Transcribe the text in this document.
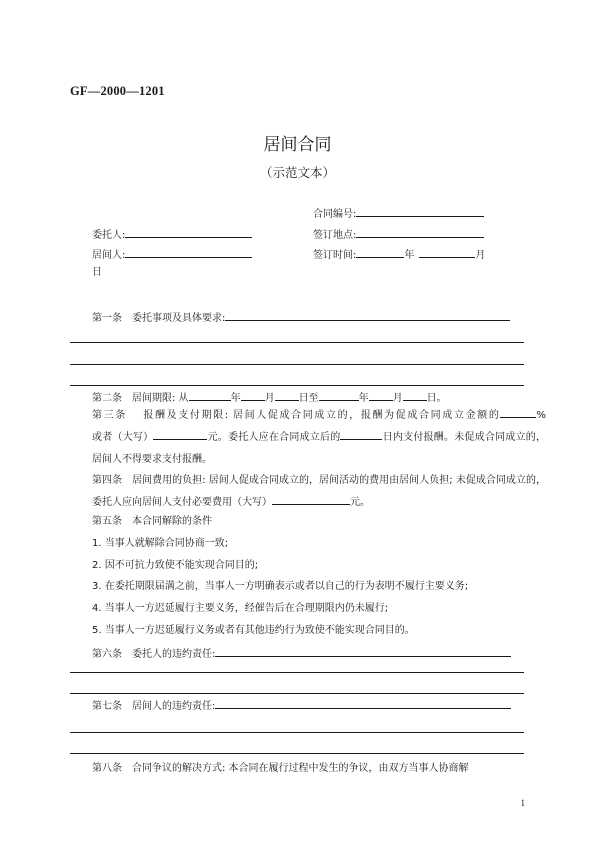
GF—2000—1201
居间合同
（示范文本）
合同编号:
委托人:	签订地点:
居间人:	签订时间:	年	月
日
第一条　委托事项及具体要求:
第二条　居间期限: 从	年 月 日至	年 月 日。
第三条　 报酬及支付期限: 居间人促成合同成立的，报酬为促成合同成立金额的	%或者（大写）	元。委托人应在合同成立后的	日内支付报酬。未促成合同成立的，居间人不得要求支付报酬。
第四条　居间费用的负担: 居间人促成合同成立的，居间活动的费用由居间人负担; 未促成合同成立的，委托人应向居间人支付必要费用（大写）	元。
第五条　本合同解除的条件
1. 当事人就解除合同协商一致;
2. 因不可抗力致使不能实现合同目的;
3. 在委托期限届满之前，当事人一方明确表示或者以自己的行为表明不履行主要义务;
4. 当事人一方迟延履行主要义务，经催告后在合理期限内仍未履行;
5. 当事人一方迟延履行义务或者有其他违约行为致使不能实现合同目的。
第六条　委托人的违约责任:
第七条　居间人的违约责任:
第八条　合同争议的解决方式: 本合同在履行过程中发生的争议，由双方当事人协商解
1
